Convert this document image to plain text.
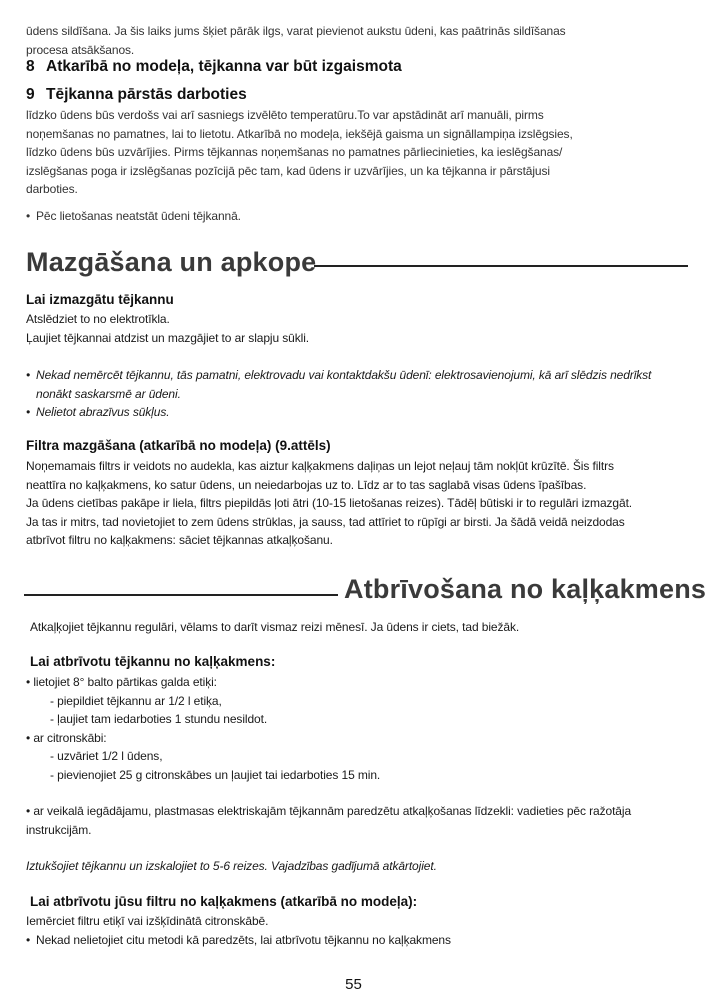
ūdens sildīšana. Ja šis laiks jums šķiet pārāk ilgs, varat pievienot aukstu ūdeni, kas paātrinās sildīšanas
procesa atsākšanos.
8 Atkarībā no modeļa, tējkanna var būt izgaismota
9 Tējkanna pārstās darboties
līdzko ūdens būs verdošs vai arī sasniegs izvēlēto temperatūru.To var apstādināt arī manuāli, pirms
noņemšanas no pamatnes, lai to lietotu. Atkarībā no modeļa, iekšējā gaisma un signāllampiņa izslēgsies,
līdzko ūdens būs uzvārījies. Pirms tējkannas noņemšanas no pamatnes pārliecinieties, ka ieslēgšanas/
izslēgšanas poga ir izslēgšanas pozīcijā pēc tam, kad ūdens ir uzvārījies, un ka tējkanna ir pārstājusi
darboties.
• Pēc lietošanas neatstāt ūdeni tējkannā.
Mazgāšana un apkope
Lai izmazgātu tējkannu
Atslēdziet to no elektrotīkla.
Ļaujiet tējkannai atdzist un mazgājiet to ar slapju sūkli.
• Nekad nemērcēt tējkannu, tās pamatni, elektrovadu vai kontaktdakšu ūdenī: elektrosavienojumi, kā arī slēdzis nedrīkst
nonākt saskarsmē ar ūdeni.
• Nelietot abrazīvus sūkļus.
Filtra mazgāšana (atkarībā no modeļa) (9.attēls)
Noņemamais filtrs ir veidots no audekla, kas aiztur kaļķakmens daļiņas un lejot neļauj tām nokļūt krūzītē. Šis filtrs
neattīra no kaļķakmens, ko satur ūdens, un neiedarbojas uz to. Līdz ar to tas saglabā visas ūdens īpašības.
Ja ūdens cietības pakāpe ir liela, filtrs piepildās ļoti ātri (10-15 lietošanas reizes). Tādēļ būtiski ir to regulāri izmazgāt.
Ja tas ir mitrs, tad novietojiet to zem ūdens strūklas, ja sauss, tad attīriet to rūpīgi ar birsti. Ja šādā veidā neizdodas
atbrīvot filtru no kaļķakmens: sāciet tējkannas atkaļķošanu.
Atbrīvošana no kaļķakmens
Atkaļķojiet tējkannu regulāri, vēlams to darīt vismaz reizi mēnesī. Ja ūdens ir ciets, tad biežāk.
Lai atbrīvotu tējkannu no kaļķakmens:
• lietojiet 8° balto pārtikas galda etiķi:
- piepildiet tējkannu ar 1/2 l etiķa,
- ļaujiet tam iedarboties 1 stundu nesildot.
• ar citronskābi:
- uzvāriet 1/2 l ūdens,
- pievienojiet 25 g citronskābes un ļaujiet tai iedarboties 15 min.
• ar veikalā iegādājamu, plastmasas elektriskajām tējkannām paredzētu atkaļķošanas līdzekli: vadieties pēc ražotāja
instrukcijām.
Iztukšojiet tējkannu un izskalojiet to 5-6 reizes. Vajadzības gadījumā atkārtojiet.
Lai atbrīvotu jūsu filtru no kaļķakmens (atkarībā no modeļa):
Iemērciet filtru etiķī vai izšķīdinātā citronskābē.
• Nekad nelietojiet citu metodi kā paredzēts, lai atbrīvotu tējkannu no kaļķakmens
55
